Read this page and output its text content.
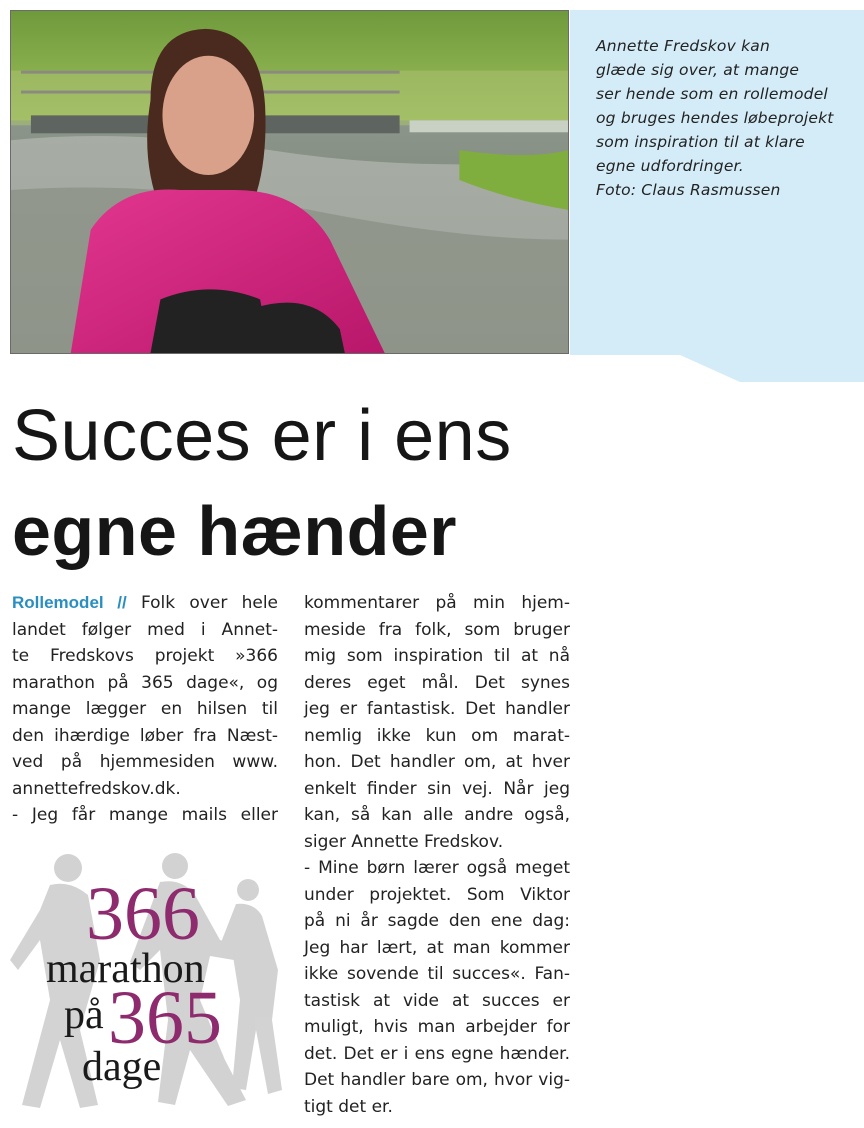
Annette Fredskov kan
glæde sig over, at mange
ser hende som en rollemodel
og bruges hendes løbeprojekt
som inspiration til at klare
egne udfordringer.
Foto: Claus Rasmussen
Succes er i ens
egne hænder
Rollemodel // Folk over hele
landet følger med i Annet-
te Fredskovs projekt »366
marathon på 365 dage«, og
mange lægger en hilsen til
den ihærdige løber fra Næst-
ved på hjemmesiden www.
annettefredskov.dk.
- Jeg får mange mails eller
366
marathon
på 365
dage
kommentarer på min hjem-
meside fra folk, som bruger
mig som inspiration til at nå
deres eget mål. Det synes
jeg er fantastisk. Det handler
nemlig ikke kun om marat-
hon. Det handler om, at hver
enkelt finder sin vej. Når jeg
kan, så kan alle andre også,
siger Annette Fredskov.
- Mine børn lærer også meget
under projektet. Som Viktor
på ni år sagde den ene dag:
Jeg har lært, at man kommer
ikke sovende til succes«. Fan-
tastisk at vide at succes er
muligt, hvis man arbejder for
det. Det er i ens egne hænder.
Det handler bare om, hvor vig-
tigt det er.
